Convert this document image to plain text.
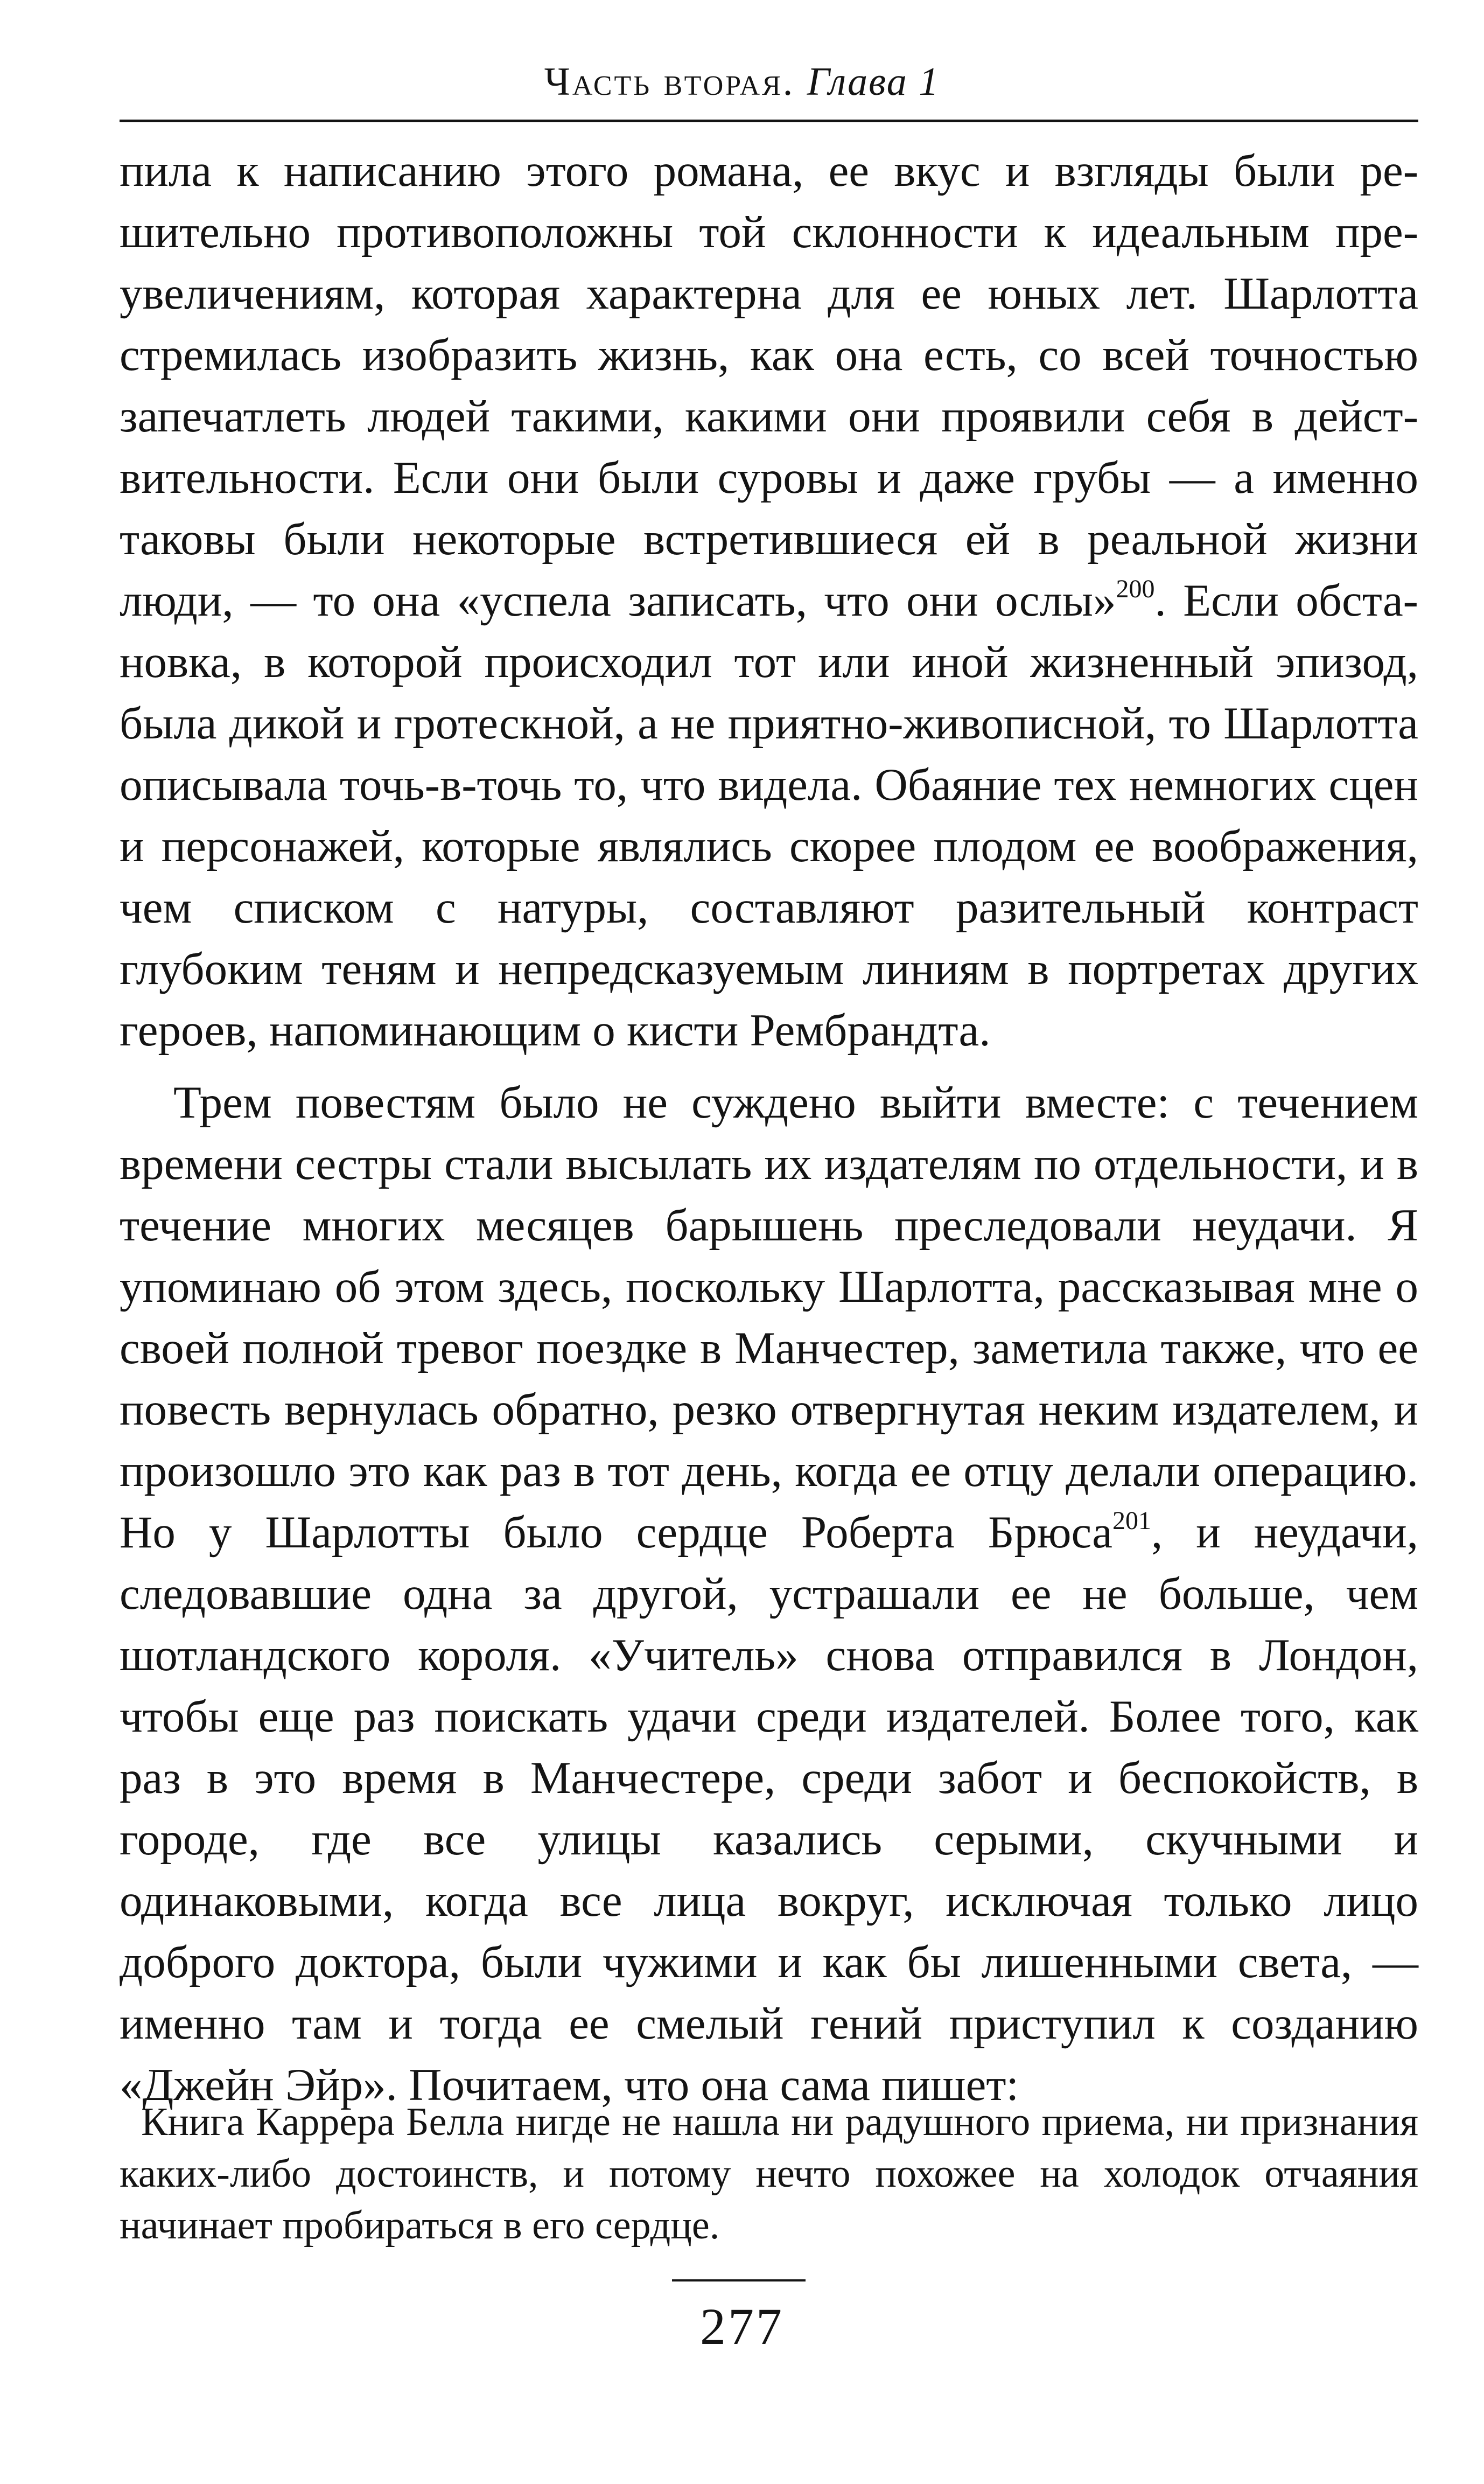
Часть вторая. Глава 1

пила к написанию этого романа, ее вкус и взгляды были решительно противоположны той склонности к идеальным преувеличениям, которая характерна для ее юных лет. Шарлотта стремилась изобразить жизнь, как она есть, со всей точностью запечатлеть людей такими, какими они проявили себя в действительности. Если они были суровы и даже грубы — а именно таковы были некоторые встретившиеся ей в реальной жизни люди, — то она «успела записать, что они ослы»$^{200}$. Если обстановка, в которой происходил тот или иной жизненный эпизод, была дикой и гротескной, а не приятно-живописной, то Шарлотта описывала точь-в-точь то, что видела. Обаяние тех немногих сцен и персонажей, которые являлись скорее плодом ее воображения, чем списком с натуры, составляют разительный контраст глубоким теням и непредсказуемым линиям в портретах других героев, напоминающим о кисти Рембрандта.

Трем повестям было не суждено выйти вместе: с течением времени сестры стали высылать их издателям по отдельности, и в течение многих месяцев барышень преследовали неудачи. Я упоминаю об этом здесь, поскольку Шарлотта, рассказывая мне о своей полной тревог поездке в Манчестер, заметила также, что ее повесть вернулась обратно, резко отвергнутая неким издателем, и произошло это как раз в тот день, когда ее отцу делали операцию. Но у Шарлотты было сердце Роберта Брюса$^{201}$, и неудачи, следовавшие одна за другой, устрашали ее не больше, чем шотландского короля. «Учитель» снова отправился в Лондон, чтобы еще раз поискать удачи среди издателей. Более того, как раз в это время в Манчестере, среди забот и беспокойств, в городе, где все улицы казались серыми, скучными и одинаковыми, когда все лица вокруг, исключая только лицо доброго доктора, были чужими и как бы лишенными света, — именно там и тогда ее смелый гений приступил к созданию «Джейн Эйр». Почитаем, что она сама пишет:

Книга Каррера Белла нигде не нашла ни радушного приема, ни признания каких-либо достоинств, и потому нечто похожее на холодок отчаяния начинает пробираться в его сердце.

277
